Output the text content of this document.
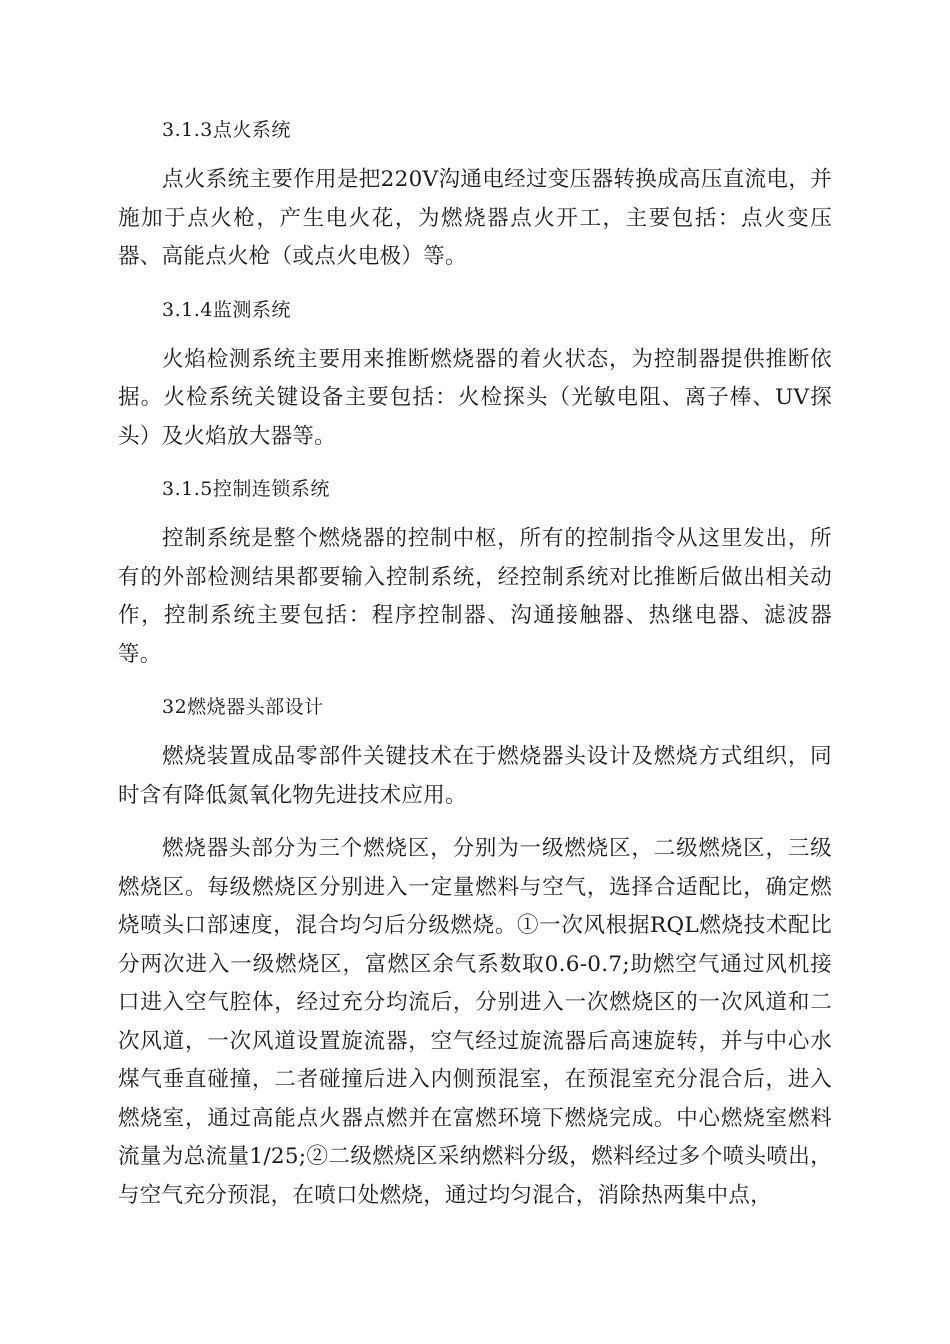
3.1.3点火系统

点火系统主要作用是把220V沟通电经过变压器转换成高压直流电，并施加于点火枪，产生电火花，为燃烧器点火开工，主要包括：点火变压器、高能点火枪（或点火电极）等。

3.1.4监测系统

火焰检测系统主要用来推断燃烧器的着火状态，为控制器提供推断依据。火检系统关键设备主要包括：火检探头（光敏电阻、离子棒、UV探头）及火焰放大器等。

3.1.5控制连锁系统

控制系统是整个燃烧器的控制中枢，所有的控制指令从这里发出，所有的外部检测结果都要输入控制系统，经控制系统对比推断后做出相关动作，控制系统主要包括：程序控制器、沟通接触器、热继电器、滤波器等。

32燃烧器头部设计

燃烧装置成品零部件关键技术在于燃烧器头设计及燃烧方式组织，同时含有降低氮氧化物先进技术应用。

燃烧器头部分为三个燃烧区，分别为一级燃烧区，二级燃烧区，三级燃烧区。每级燃烧区分别进入一定量燃料与空气，选择合适配比，确定燃烧喷头口部速度，混合均匀后分级燃烧。①一次风根据RQL燃烧技术配比分两次进入一级燃烧区，富燃区余气系数取0.6-0.7;助燃空气通过风机接口进入空气腔体，经过充分均流后，分别进入一次燃烧区的一次风道和二次风道，一次风道设置旋流器，空气经过旋流器后高速旋转，并与中心水煤气垂直碰撞，二者碰撞后进入内侧预混室，在预混室充分混合后，进入燃烧室，通过高能点火器点燃并在富燃环境下燃烧完成。中心燃烧室燃料流量为总流量1/25;②二级燃烧区采纳燃料分级，燃料经过多个喷头喷出，与空气充分预混，在喷口处燃烧，通过均匀混合，消除热两集中点，
